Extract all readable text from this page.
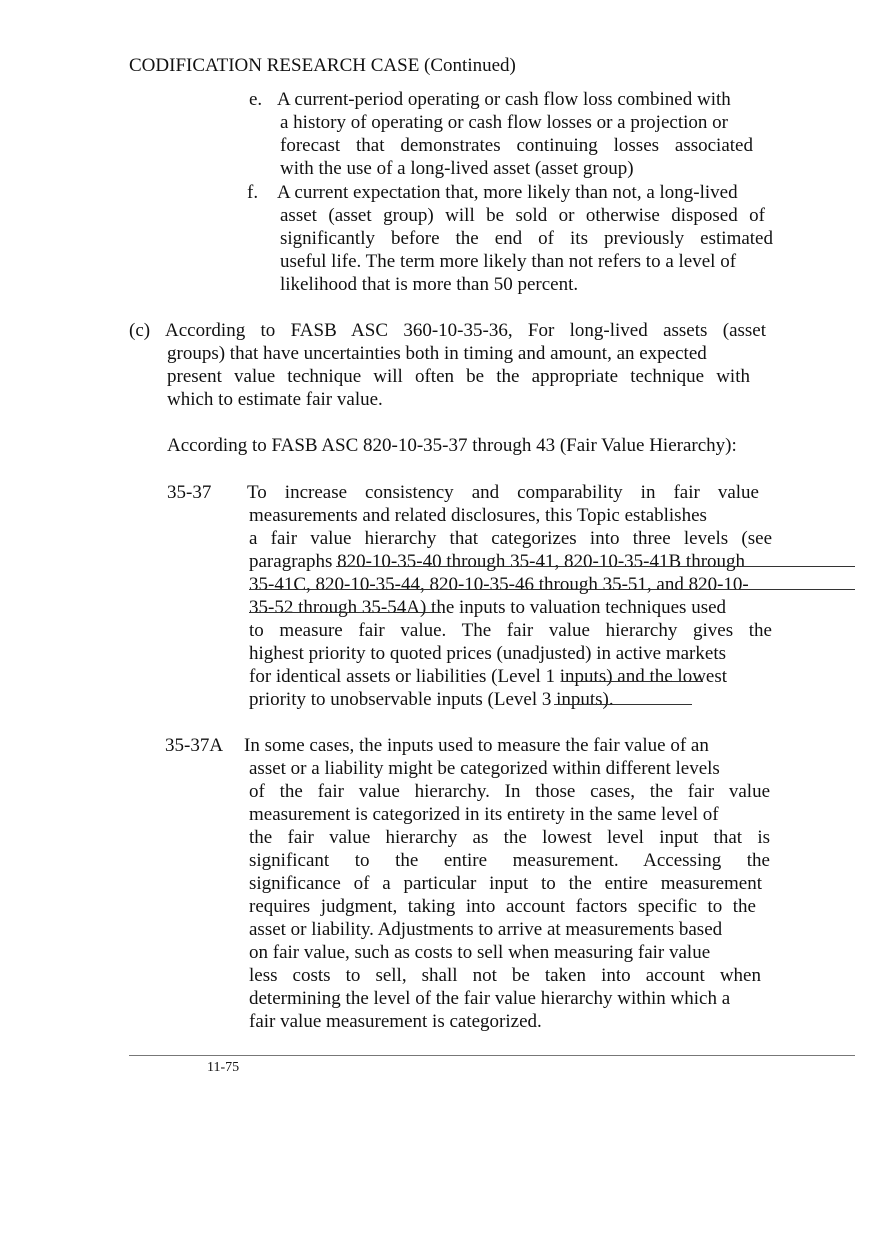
CODIFICATION RESEARCH CASE (Continued)
e. A current-period operating or cash flow loss combined with
a history of operating or cash flow losses or a projection or
forecast that demonstrates continuing losses associated
with the use of a long-lived asset (asset group)
f. A current expectation that, more likely than not, a long-lived
asset (asset group) will be sold or otherwise disposed of
significantly before the end of its previously estimated
useful life. The term more likely than not refers to a level of
likelihood that is more than 50 percent.
(c) According to FASB ASC 360-10-35-36, For long-lived assets (asset
groups) that have uncertainties both in timing and amount, an expected
present value technique will often be the appropriate technique with
which to estimate fair value.
According to FASB ASC 820-10-35-37 through 43 (Fair Value Hierarchy):
35-37 To increase consistency and comparability in fair value
measurements and related disclosures, this Topic establishes
a fair value hierarchy that categorizes into three levels (see
paragraphs 820-10-35-40 through 35-41, 820-10-35-41B through
35-41C, 820-10-35-44, 820-10-35-46 through 35-51, and 820-10-
35-52 through 35-54A) the inputs to valuation techniques used
to measure fair value. The fair value hierarchy gives the
highest priority to quoted prices (unadjusted) in active markets
for identical assets or liabilities (Level 1 inputs) and the lowest
priority to unobservable inputs (Level 3 inputs).
35-37A In some cases, the inputs used to measure the fair value of an
asset or a liability might be categorized within different levels
of the fair value hierarchy. In those cases, the fair value
measurement is categorized in its entirety in the same level of
the fair value hierarchy as the lowest level input that is
significant to the entire measurement. Accessing the
significance of a particular input to the entire measurement
requires judgment, taking into account factors specific to the
asset or liability. Adjustments to arrive at measurements based
on fair value, such as costs to sell when measuring fair value
less costs to sell, shall not be taken into account when
determining the level of the fair value hierarchy within which a
fair value measurement is categorized.
11-75
